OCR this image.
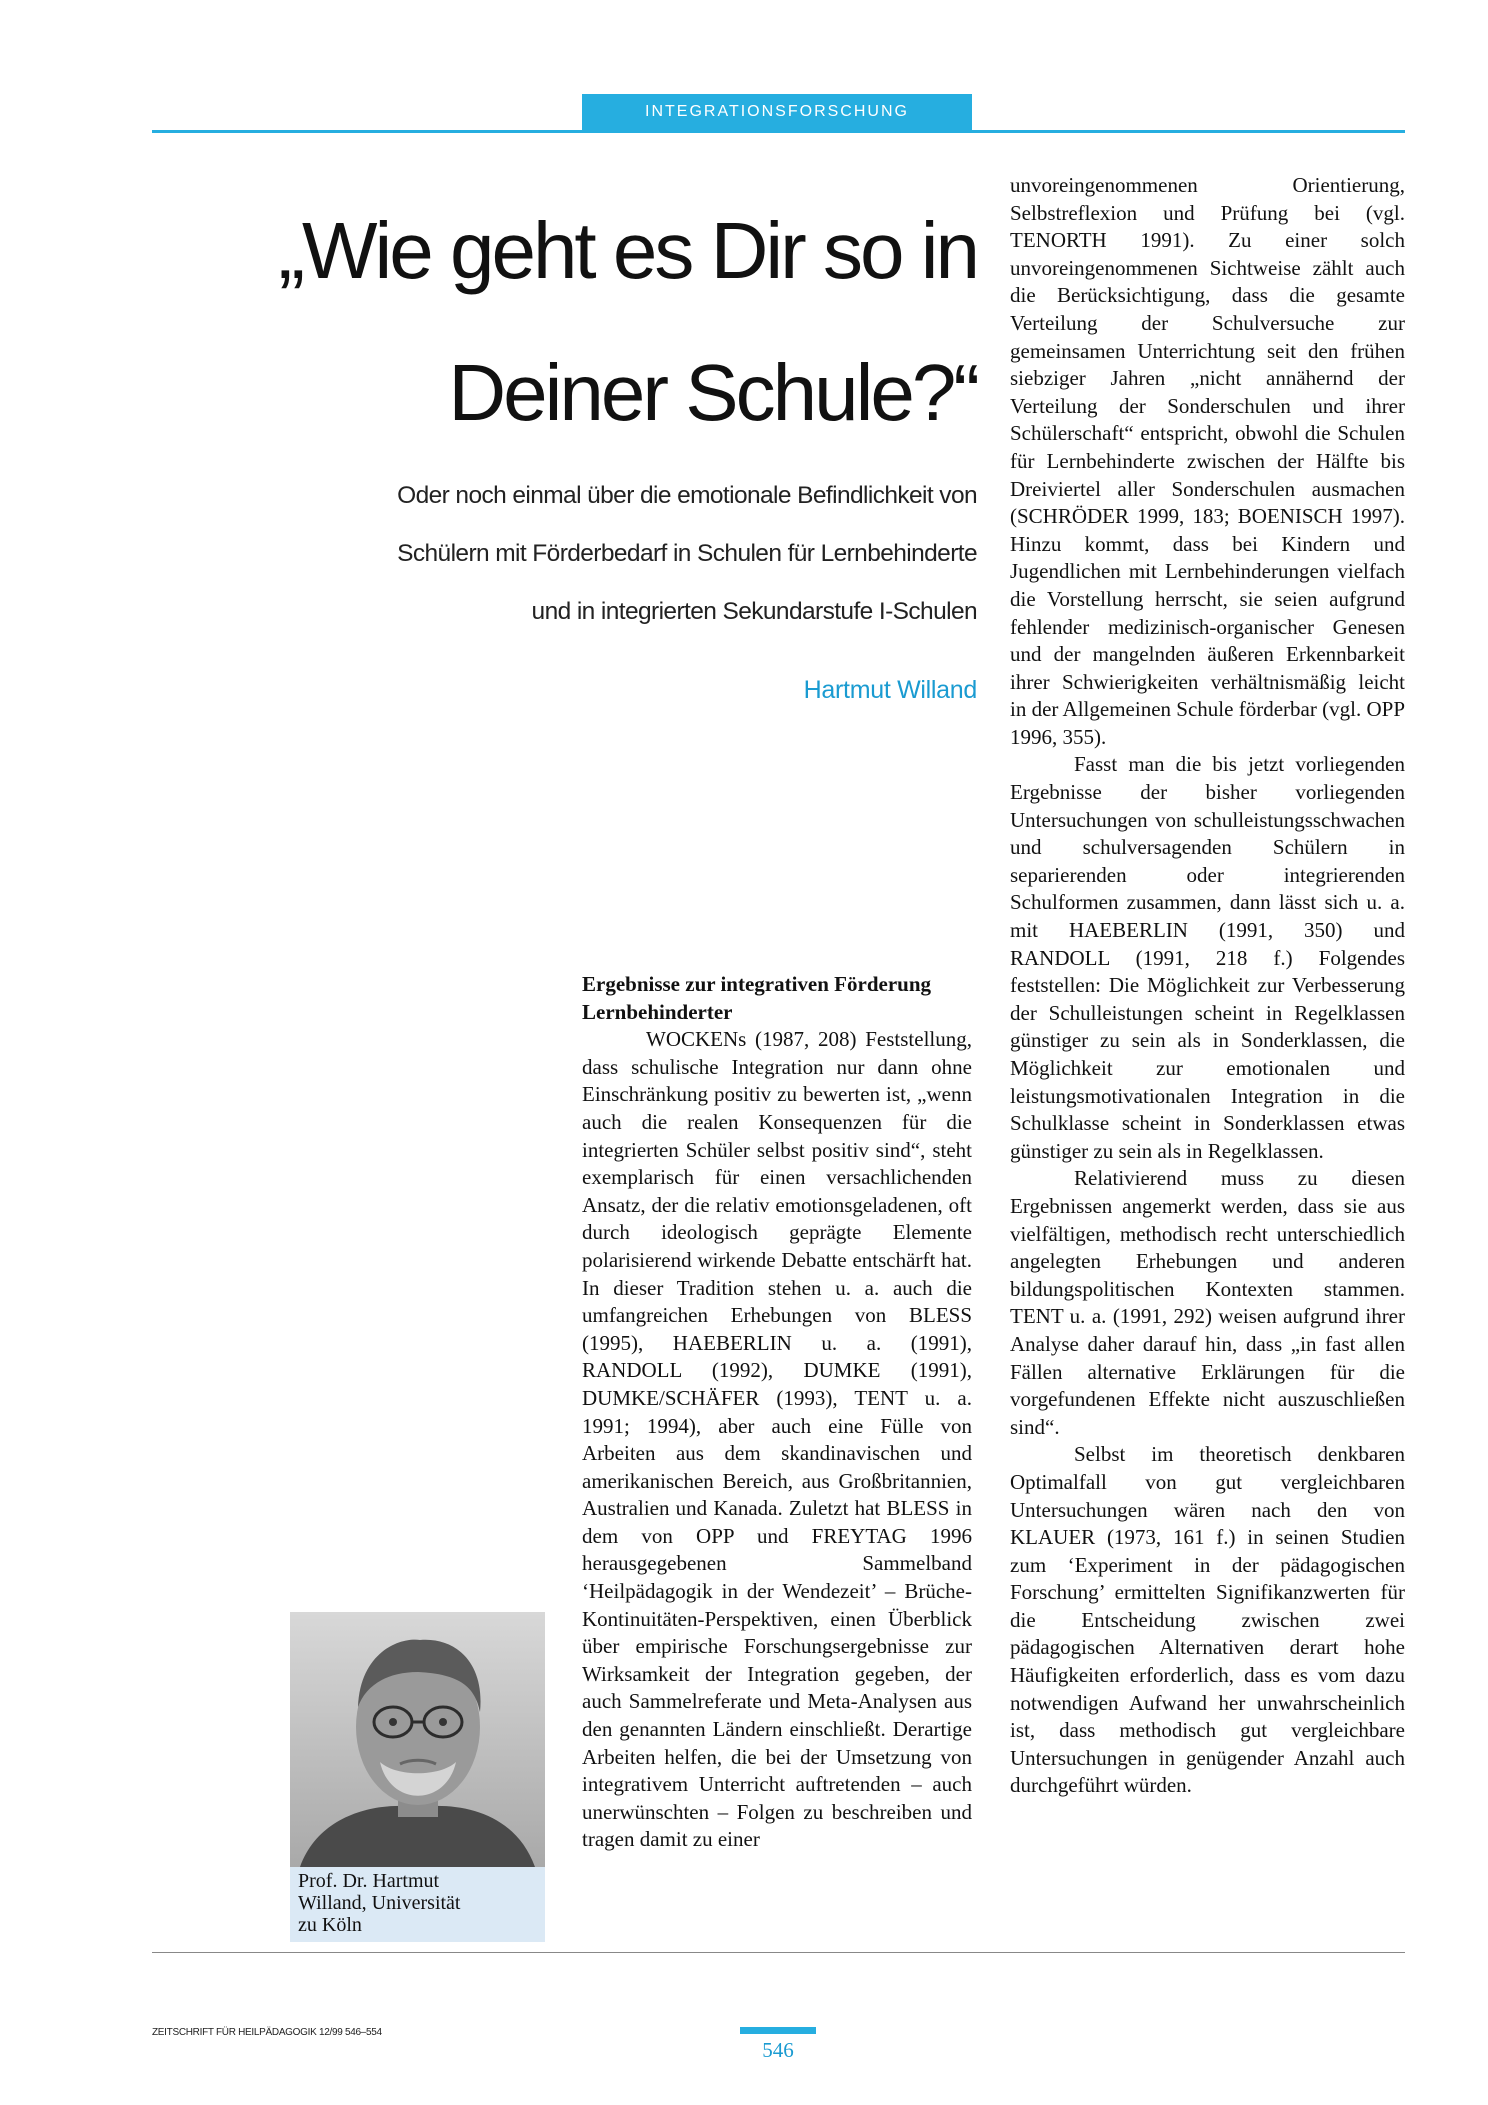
INTEGRATIONSFORSCHUNG
„Wie geht es Dir so in
Deiner Schule?“

Oder noch einmal über die emotionale Befindlichkeit von
Schülern mit Förderbedarf in Schulen für Lernbehinderte
und in integrierten Sekundarstufe I-Schulen

Hartmut Willand
Prof. Dr. Hartmut
Willand, Universität
zu Köln

Ergebnisse zur integrativen Förderung Lernbehinderter

WOCKENs (1987, 208) Feststellung, dass schulische Integration nur dann ohne Einschränkung positiv zu bewerten ist, „wenn auch die realen Konsequenzen für die integrierten Schüler selbst positiv sind“, steht exemplarisch für einen versachlichenden Ansatz, der die relativ emotionsgeladenen, oft durch ideologisch geprägte Elemente polarisierend wirkende Debatte entschärft hat. In dieser Tradition stehen u. a. auch die umfangreichen Erhebungen von BLESS (1995), HAEBERLIN u. a. (1991), RANDOLL (1992), DUMKE (1991), DUMKE/SCHÄFER (1993), TENT u. a. 1991; 1994), aber auch eine Fülle von Arbeiten aus dem skandinavischen und amerikanischen Bereich, aus Großbritannien, Australien und Kanada. Zuletzt hat BLESS in dem von OPP und FREYTAG 1996 herausgegebenen Sammelband ‘Heilpädagogik in der Wendezeit’ – Brüche-Kontinuitäten-Perspektiven, einen Überblick über empirische Forschungsergebnisse zur Wirksamkeit der Integration gegeben, der auch Sammelreferate und Meta-Analysen aus den genannten Ländern einschließt. Derartige Arbeiten helfen, die bei der Umsetzung von integrativem Unterricht auftretenden – auch unerwünschten – Folgen zu beschreiben und tragen damit zu einer

unvoreingenommenen Orientierung, Selbstreflexion und Prüfung bei (vgl. TENORTH 1991). Zu einer solch unvoreingenommenen Sichtweise zählt auch die Berücksichtigung, dass die gesamte Verteilung der Schulversuche zur gemeinsamen Unterrichtung seit den frühen siebziger Jahren „nicht annähernd der Verteilung der Sonderschulen und ihrer Schülerschaft“ entspricht, obwohl die Schulen für Lernbehinderte zwischen der Hälfte bis Dreiviertel aller Sonderschulen ausmachen (SCHRÖDER 1999, 183; BOENISCH 1997). Hinzu kommt, dass bei Kindern und Jugendlichen mit Lernbehinderungen vielfach die Vorstellung herrscht, sie seien aufgrund fehlender medizinisch-organischer Genesen und der mangelnden äußeren Erkennbarkeit ihrer Schwierigkeiten verhältnismäßig leicht in der Allgemeinen Schule förderbar (vgl. OPP 1996, 355).

Fasst man die bis jetzt vorliegenden Ergebnisse der bisher vorliegenden Untersuchungen von schulleistungsschwachen und schulversagenden Schülern in separierenden oder integrierenden Schulformen zusammen, dann lässt sich u. a. mit HAEBERLIN (1991, 350) und RANDOLL (1991, 218 f.) Folgendes feststellen: Die Möglichkeit zur Verbesserung der Schulleistungen scheint in Regelklassen günstiger zu sein als in Sonderklassen, die Möglichkeit zur emotionalen und leistungsmotivationalen Integration in die Schulklasse scheint in Sonderklassen etwas günstiger zu sein als in Regelklassen.

Relativierend muss zu diesen Ergebnissen angemerkt werden, dass sie aus vielfältigen, methodisch recht unterschiedlich angelegten Erhebungen und anderen bildungspolitischen Kontexten stammen. TENT u. a. (1991, 292) weisen aufgrund ihrer Analyse daher darauf hin, dass „in fast allen Fällen alternative Erklärungen für die vorgefundenen Effekte nicht auszuschließen sind“.

Selbst im theoretisch denkbaren Optimalfall von gut vergleichbaren Untersuchungen wären nach den von KLAUER (1973, 161 f.) in seinen Studien zum ‘Experiment in der pädagogischen Forschung’ ermittelten Signifikanzwerten für die Entscheidung zwischen zwei pädagogischen Alternativen derart hohe Häufigkeiten erforderlich, dass es vom dazu notwendigen Aufwand her unwahrscheinlich ist, dass methodisch gut vergleichbare Untersuchungen in genügender Anzahl auch durchgeführt würden.

ZEITSCHRIFT FÜR HEILPÄDAGOGIK 12/99 546–554
546
